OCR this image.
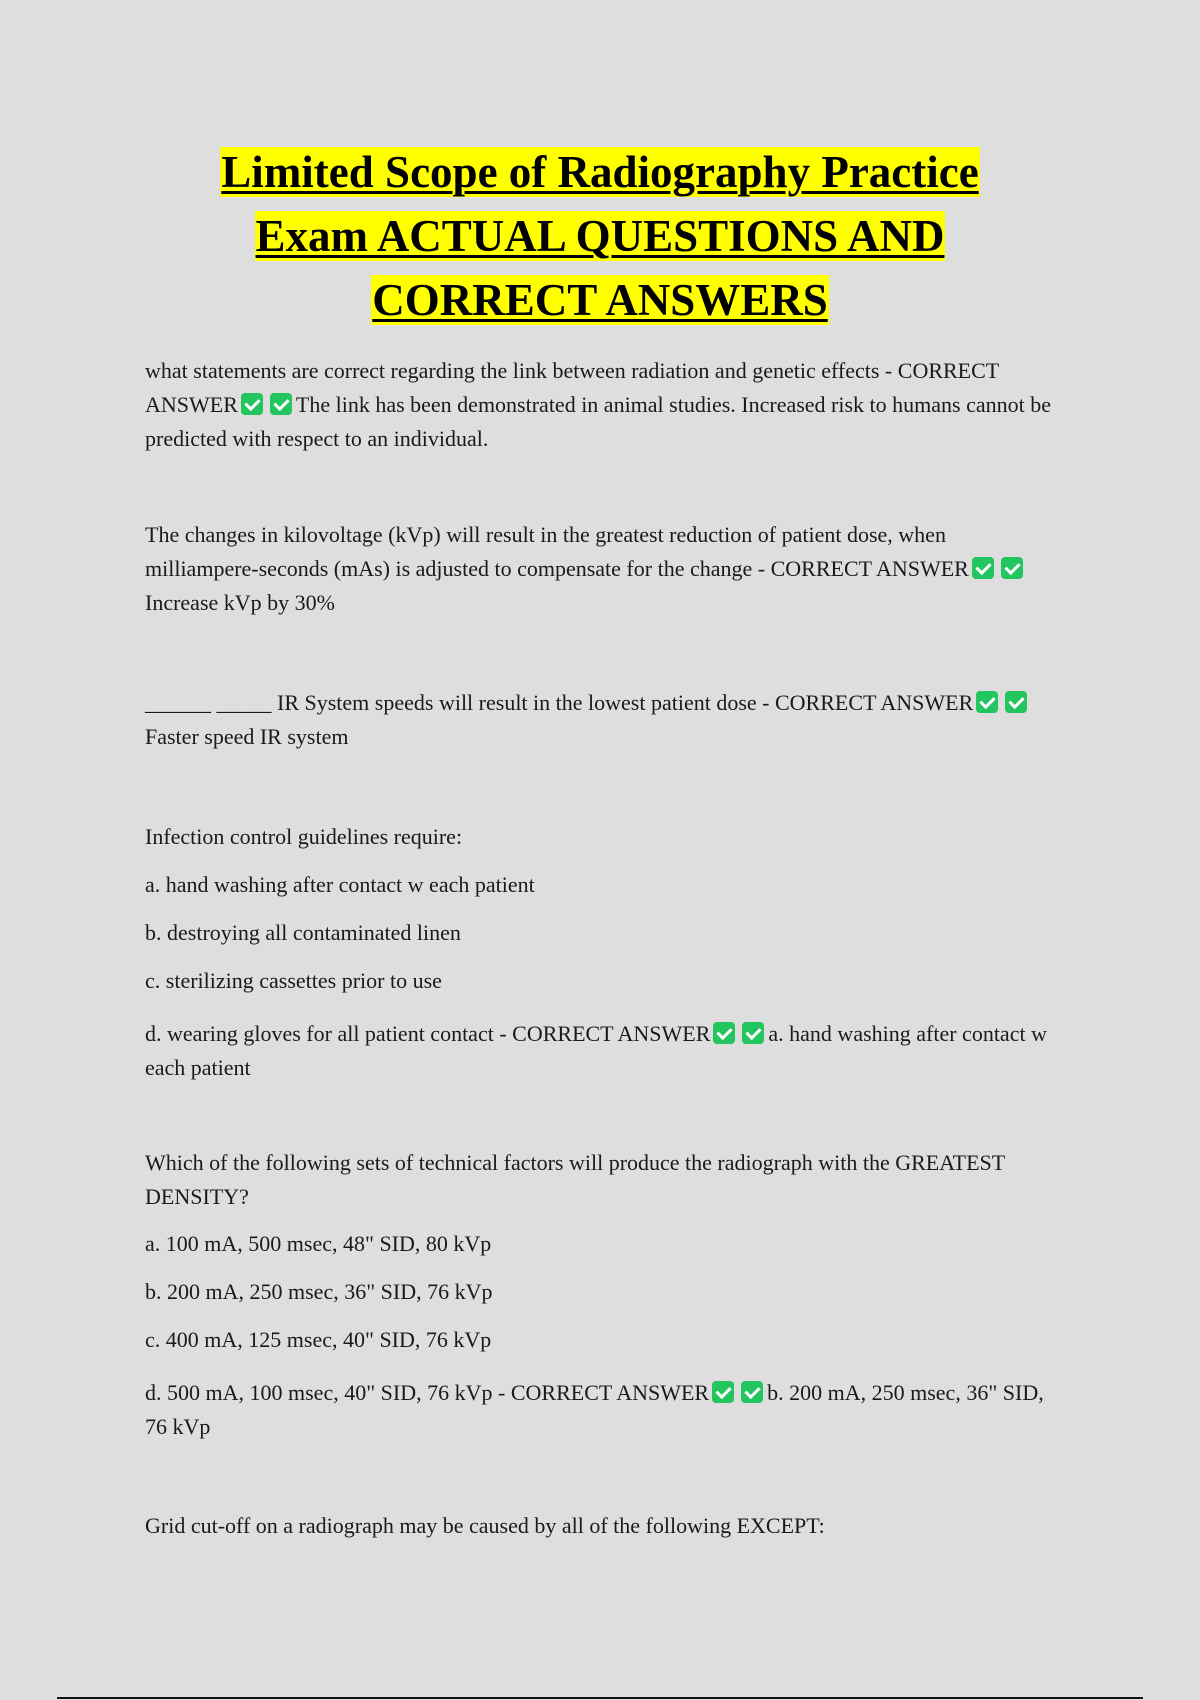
Limited Scope of Radiography Practice
Exam ACTUAL QUESTIONS AND
CORRECT ANSWERS

what statements are correct regarding the link between radiation and genetic effects - CORRECT ANSWER	The link has been demonstrated in animal studies. Increased risk to humans cannot be predicted with respect to an individual.

The changes in kilovoltage (kVp) will result in the greatest reduction of patient dose, when milliampere-seconds (mAs) is adjusted to compensate for the change - CORRECT ANSWERIncrease kVp by 30%

______ _____ IR System speeds will result in the lowest patient dose - CORRECT ANSWERFaster speed IR system

Infection control guidelines require:

a. hand washing after contact w each patient

b. destroying all contaminated linen

c. sterilizing cassettes prior to use

d. wearing gloves for all patient contact - CORRECT ANSWER	a. hand washing after contact w each patient

Which of the following sets of technical factors will produce the radiograph with the GREATEST DENSITY?

a. 100 mA, 500 msec, 48" SID, 80 kVp

b. 200 mA, 250 msec, 36" SID, 76 kVp

c. 400 mA, 125 msec, 40" SID, 76 kVp

d. 500 mA, 100 msec, 40" SID, 76 kVp - CORRECT ANSWER	b. 200 mA, 250 msec, 36" SID, 76 kVp

Grid cut-off on a radiograph may be caused by all of the following EXCEPT:
